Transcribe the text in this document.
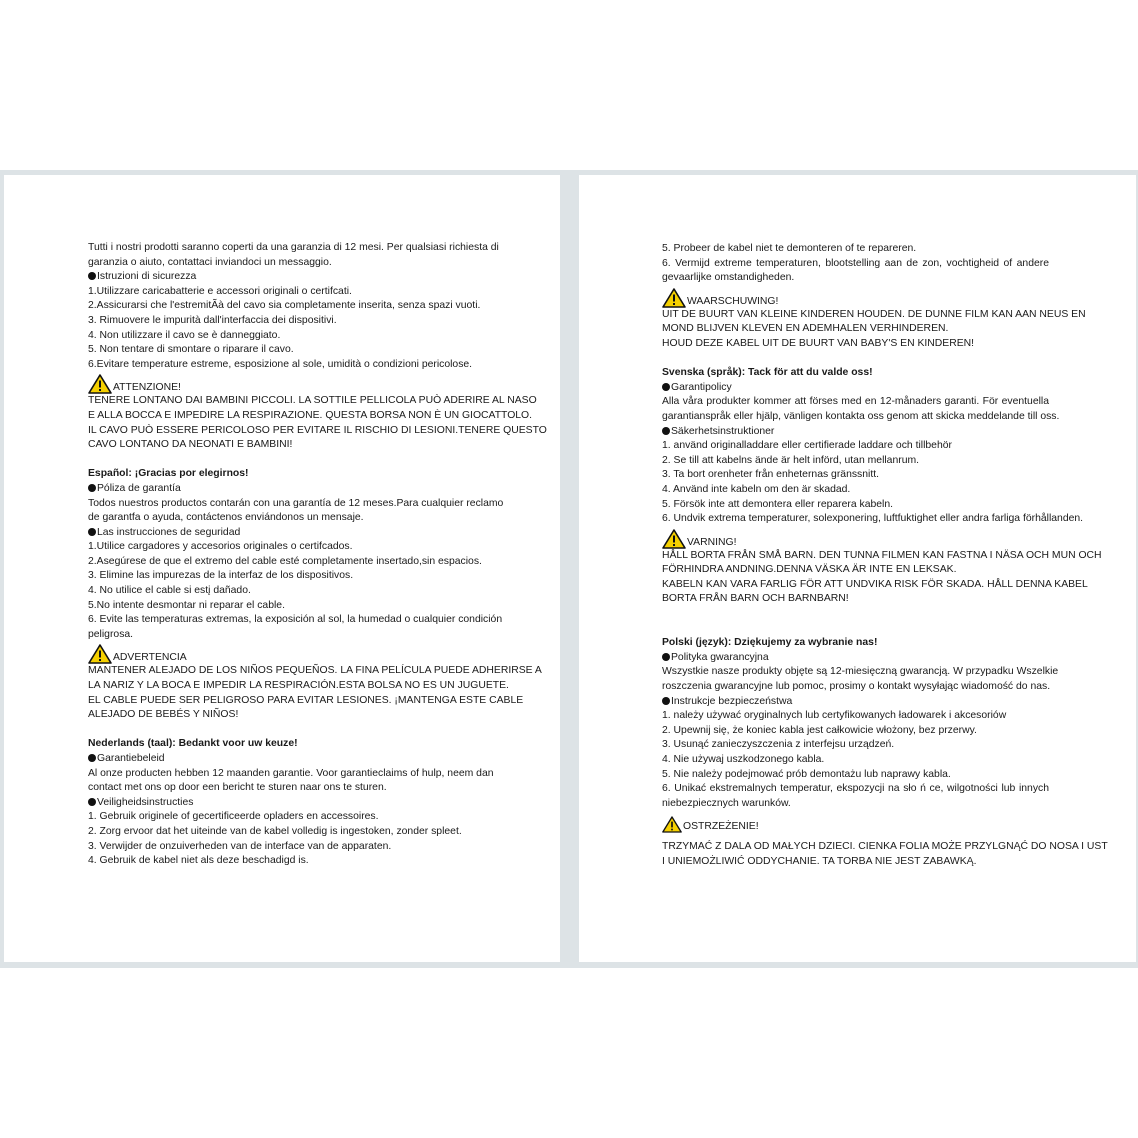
Tutti i nostri prodotti saranno coperti da una garanzia di 12 mesi. Per qualsiasi richiesta di
garanzia o aiuto, contattaci inviandoci un messaggio.
Istruzioni di sicurezza
1.Utilizzare caricabatterie e accessori originali o certifcati.
2.Assicurarsi che l'estremitÃà del cavo sia completamente inserita, senza spazi vuoti.
3. Rimuovere le impurità dall'interfaccia dei dispositivi.
4. Non utilizzare il cavo se è danneggiato.
5. Non tentare di smontare o riparare il cavo.
6.Evitare temperature estreme, esposizione al sole, umidità o condizioni pericolose.
ATTENZIONE!
TENERE LONTANO DAI BAMBINI PICCOLI. LA SOTTILE PELLICOLA PUÒ ADERIRE AL NASO
E ALLA BOCCA E IMPEDIRE LA RESPIRAZIONE. QUESTA BORSA NON È UN GIOCATTOLO.
IL CAVO PUÒ ESSERE PERICOLOSO PER EVITARE IL RISCHIO DI LESIONI.TENERE QUESTO
CAVO LONTANO DA NEONATI E BAMBINI!
Español: ¡Gracias por elegirnos!
Póliza de garantía
Todos nuestros productos contarán con una garantía de 12 meses.Para cualquier reclamo
de garantfa o ayuda, contáctenos enviándonos un mensaje.
Las instrucciones de seguridad
1.Utilice cargadores y accesorios originales o certifcados.
2.Asegúrese de que el extremo del cable esté completamente insertado,sin espacios.
3. Elimine las impurezas de la interfaz de los dispositivos.
4. No utilice el cable si estį dañado.
5.No intente desmontar ni reparar el cable.
6. Evite las temperaturas extremas, la exposición al sol, la humedad o cualquier condición
peligrosa.
ADVERTENCIA
MANTENER ALEJADO DE LOS NIÑOS PEQUEÑOS. LA FINA PELÍCULA PUEDE ADHERIRSE A
LA NARIZ Y LA BOCA E IMPEDIR LA RESPIRACIÓN.ESTA BOLSA NO ES UN JUGUETE.
EL CABLE PUEDE SER PELIGROSO PARA EVITAR LESIONES. ¡MANTENGA ESTE CABLE
ALEJADO DE BEBÉS Y NIÑOS!
Nederlands (taal): Bedankt voor uw keuze!
Garantiebeleid
Al onze producten hebben 12 maanden garantie. Voor garantieclaims of hulp, neem dan
contact met ons op door een bericht te sturen naar ons te sturen.
Veiligheidsinstructies
1. Gebruik originele of gecertificeerde opladers en accessoires.
2. Zorg ervoor dat het uiteinde van de kabel volledig is ingestoken, zonder spleet.
3. Verwijder de onzuiverheden van de interface van de apparaten.
4. Gebruik de kabel niet als deze beschadigd is.
5. Probeer de kabel niet te demonteren of te repareren.
6. Vermijd extreme temperaturen, blootstelling aan de zon, vochtigheid of andere
gevaarlijke omstandigheden.
WAARSCHUWING!
UIT DE BUURT VAN KLEINE KINDEREN HOUDEN. DE DUNNE FILM KAN AAN NEUS EN
MOND BLIJVEN KLEVEN EN ADEMHALEN VERHINDEREN.
HOUD DEZE KABEL UIT DE BUURT VAN BABY'S EN KINDEREN!
Svenska (språk): Tack för att du valde oss!
Garantipolicy
Alla våra produkter kommer att förses med en 12-månaders garanti. För eventuella
garantianspråk eller hjälp, vänligen kontakta oss genom att skicka meddelande till oss.
Säkerhetsinstruktioner
1. använd originalladdare eller certifierade laddare och tillbehör
2. Se till att kabelns ände är helt införd, utan mellanrum.
3. Ta bort orenheter från enheternas gränssnitt.
4. Använd inte kabeln om den är skadad.
5. Försök inte att demontera eller reparera kabeln.
6. Undvik extrema temperaturer, solexponering, luftfuktighet eller andra farliga förhållanden.
VARNING!
HÅLL BORTA FRÅN SMÅ BARN. DEN TUNNA FILMEN KAN FASTNA I NÄSA OCH MUN OCH
FÖRHINDRA ANDNING.DENNA VÄSKA ÄR INTE EN LEKSAK.
KABELN KAN VARA FARLIG FÖR ATT UNDVIKA RISK FÖR SKADA. HÅLL DENNA KABEL
BORTA FRÅN BARN OCH BARNBARN!
Polski (język): Dziękujemy za wybranie nas!
Polityka gwarancyjna
Wszystkie nasze produkty objęte są 12-miesięczną gwarancją. W przypadku Wszelkie
roszczenia gwarancyjne lub pomoc, prosimy o kontakt wysyłając wiadomość do nas.
Instrukcje bezpieczeństwa
1. należy używać oryginalnych lub certyfikowanych ładowarek i akcesoriów
2. Upewnij się, że koniec kabla jest całkowicie włożony, bez przerwy.
3. Usunąć zanieczyszczenia z interfejsu urządzeń.
4. Nie używaj uszkodzonego kabla.
5. Nie należy podejmować prób demontażu lub naprawy kabla.
6. Unikać ekstremalnych temperatur, ekspozycji na sło ń ce, wilgotności lub innych
niebezpiecznych warunków.
OSTRZEŻENIE!
TRZYMAĆ Z DALA OD MAŁYCH DZIECI. CIENKA FOLIA MOŻE PRZYLGNĄĆ DO NOSA I UST
I UNIEMOŻLIWIĆ ODDYCHANIE. TA TORBA NIE JEST ZABAWKĄ.
